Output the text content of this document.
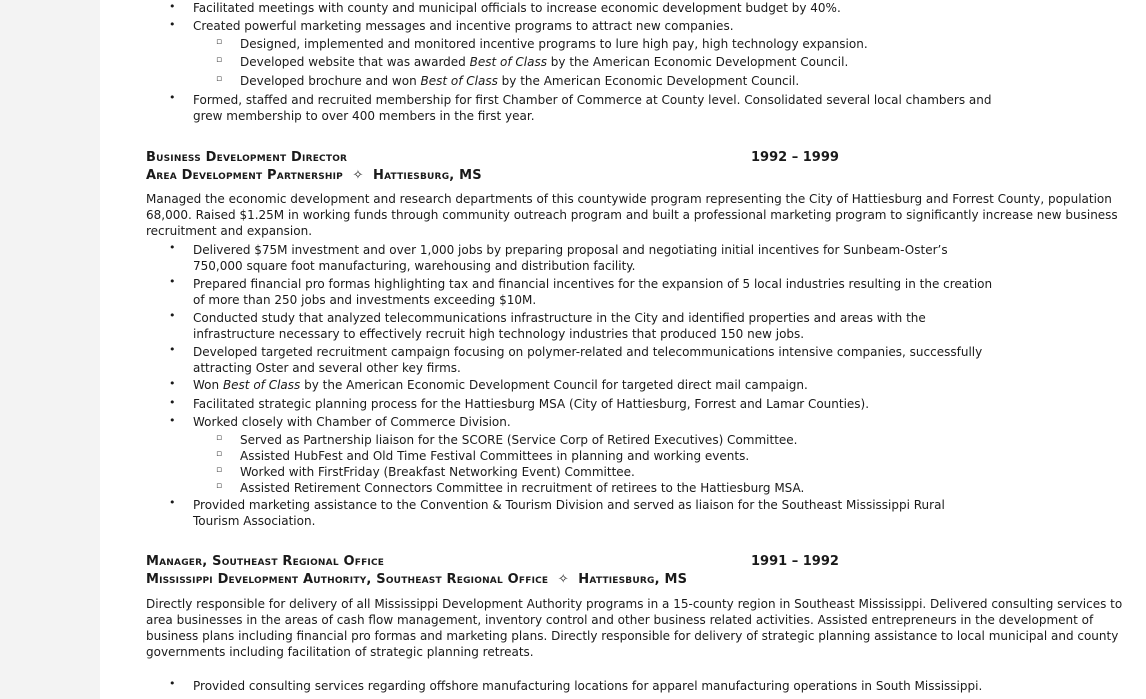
• Facilitated meetings with county and municipal officials to increase economic development budget by 40%.
• Created powerful marketing messages and incentive programs to attract new companies.
▫ Designed, implemented and monitored incentive programs to lure high pay, high technology expansion.
▫ Developed website that was awarded Best of Class by the American Economic Development Council.
▫ Developed brochure and won Best of Class by the American Economic Development Council.
• Formed, staffed and recruited membership for first Chamber of Commerce at County level. Consolidated several local chambers and grew membership to over 400 members in the first year.
Business Development Director	1992 – 1999
Area Development Partnership ✧ Hattiesburg, MS
Managed the economic development and research departments of this countywide program representing the City of Hattiesburg and Forrest County, population 68,000. Raised $1.25M in working funds through community outreach program and built a professional marketing program to significantly increase new business recruitment and expansion.
• Delivered $75M investment and over 1,000 jobs by preparing proposal and negotiating initial incentives for Sunbeam-Oster’s 750,000 square foot manufacturing, warehousing and distribution facility.
• Prepared financial pro formas highlighting tax and financial incentives for the expansion of 5 local industries resulting in the creation of more than 250 jobs and investments exceeding $10M.
• Conducted study that analyzed telecommunications infrastructure in the City and identified properties and areas with the infrastructure necessary to effectively recruit high technology industries that produced 150 new jobs.
• Developed targeted recruitment campaign focusing on polymer-related and telecommunications intensive companies, successfully attracting Oster and several other key firms.
• Won Best of Class by the American Economic Development Council for targeted direct mail campaign.
• Facilitated strategic planning process for the Hattiesburg MSA (City of Hattiesburg, Forrest and Lamar Counties).
• Worked closely with Chamber of Commerce Division.
▫ Served as Partnership liaison for the SCORE (Service Corp of Retired Executives) Committee.
▫ Assisted HubFest and Old Time Festival Committees in planning and working events.
▫ Worked with FirstFriday (Breakfast Networking Event) Committee.
▫ Assisted Retirement Connectors Committee in recruitment of retirees to the Hattiesburg MSA.
• Provided marketing assistance to the Convention & Tourism Division and served as liaison for the Southeast Mississippi Rural Tourism Association.
Manager, Southeast Regional Office	1991 – 1992
Mississippi Development Authority, Southeast Regional Office ✧ Hattiesburg, MS
Directly responsible for delivery of all Mississippi Development Authority programs in a 15-county region in Southeast Mississippi. Delivered consulting services to area businesses in the areas of cash flow management, inventory control and other business related activities. Assisted entrepreneurs in the development of business plans including financial pro formas and marketing plans. Directly responsible for delivery of strategic planning assistance to local municipal and county governments including facilitation of strategic planning retreats.
• Provided consulting services regarding offshore manufacturing locations for apparel manufacturing operations in South Mississippi.
